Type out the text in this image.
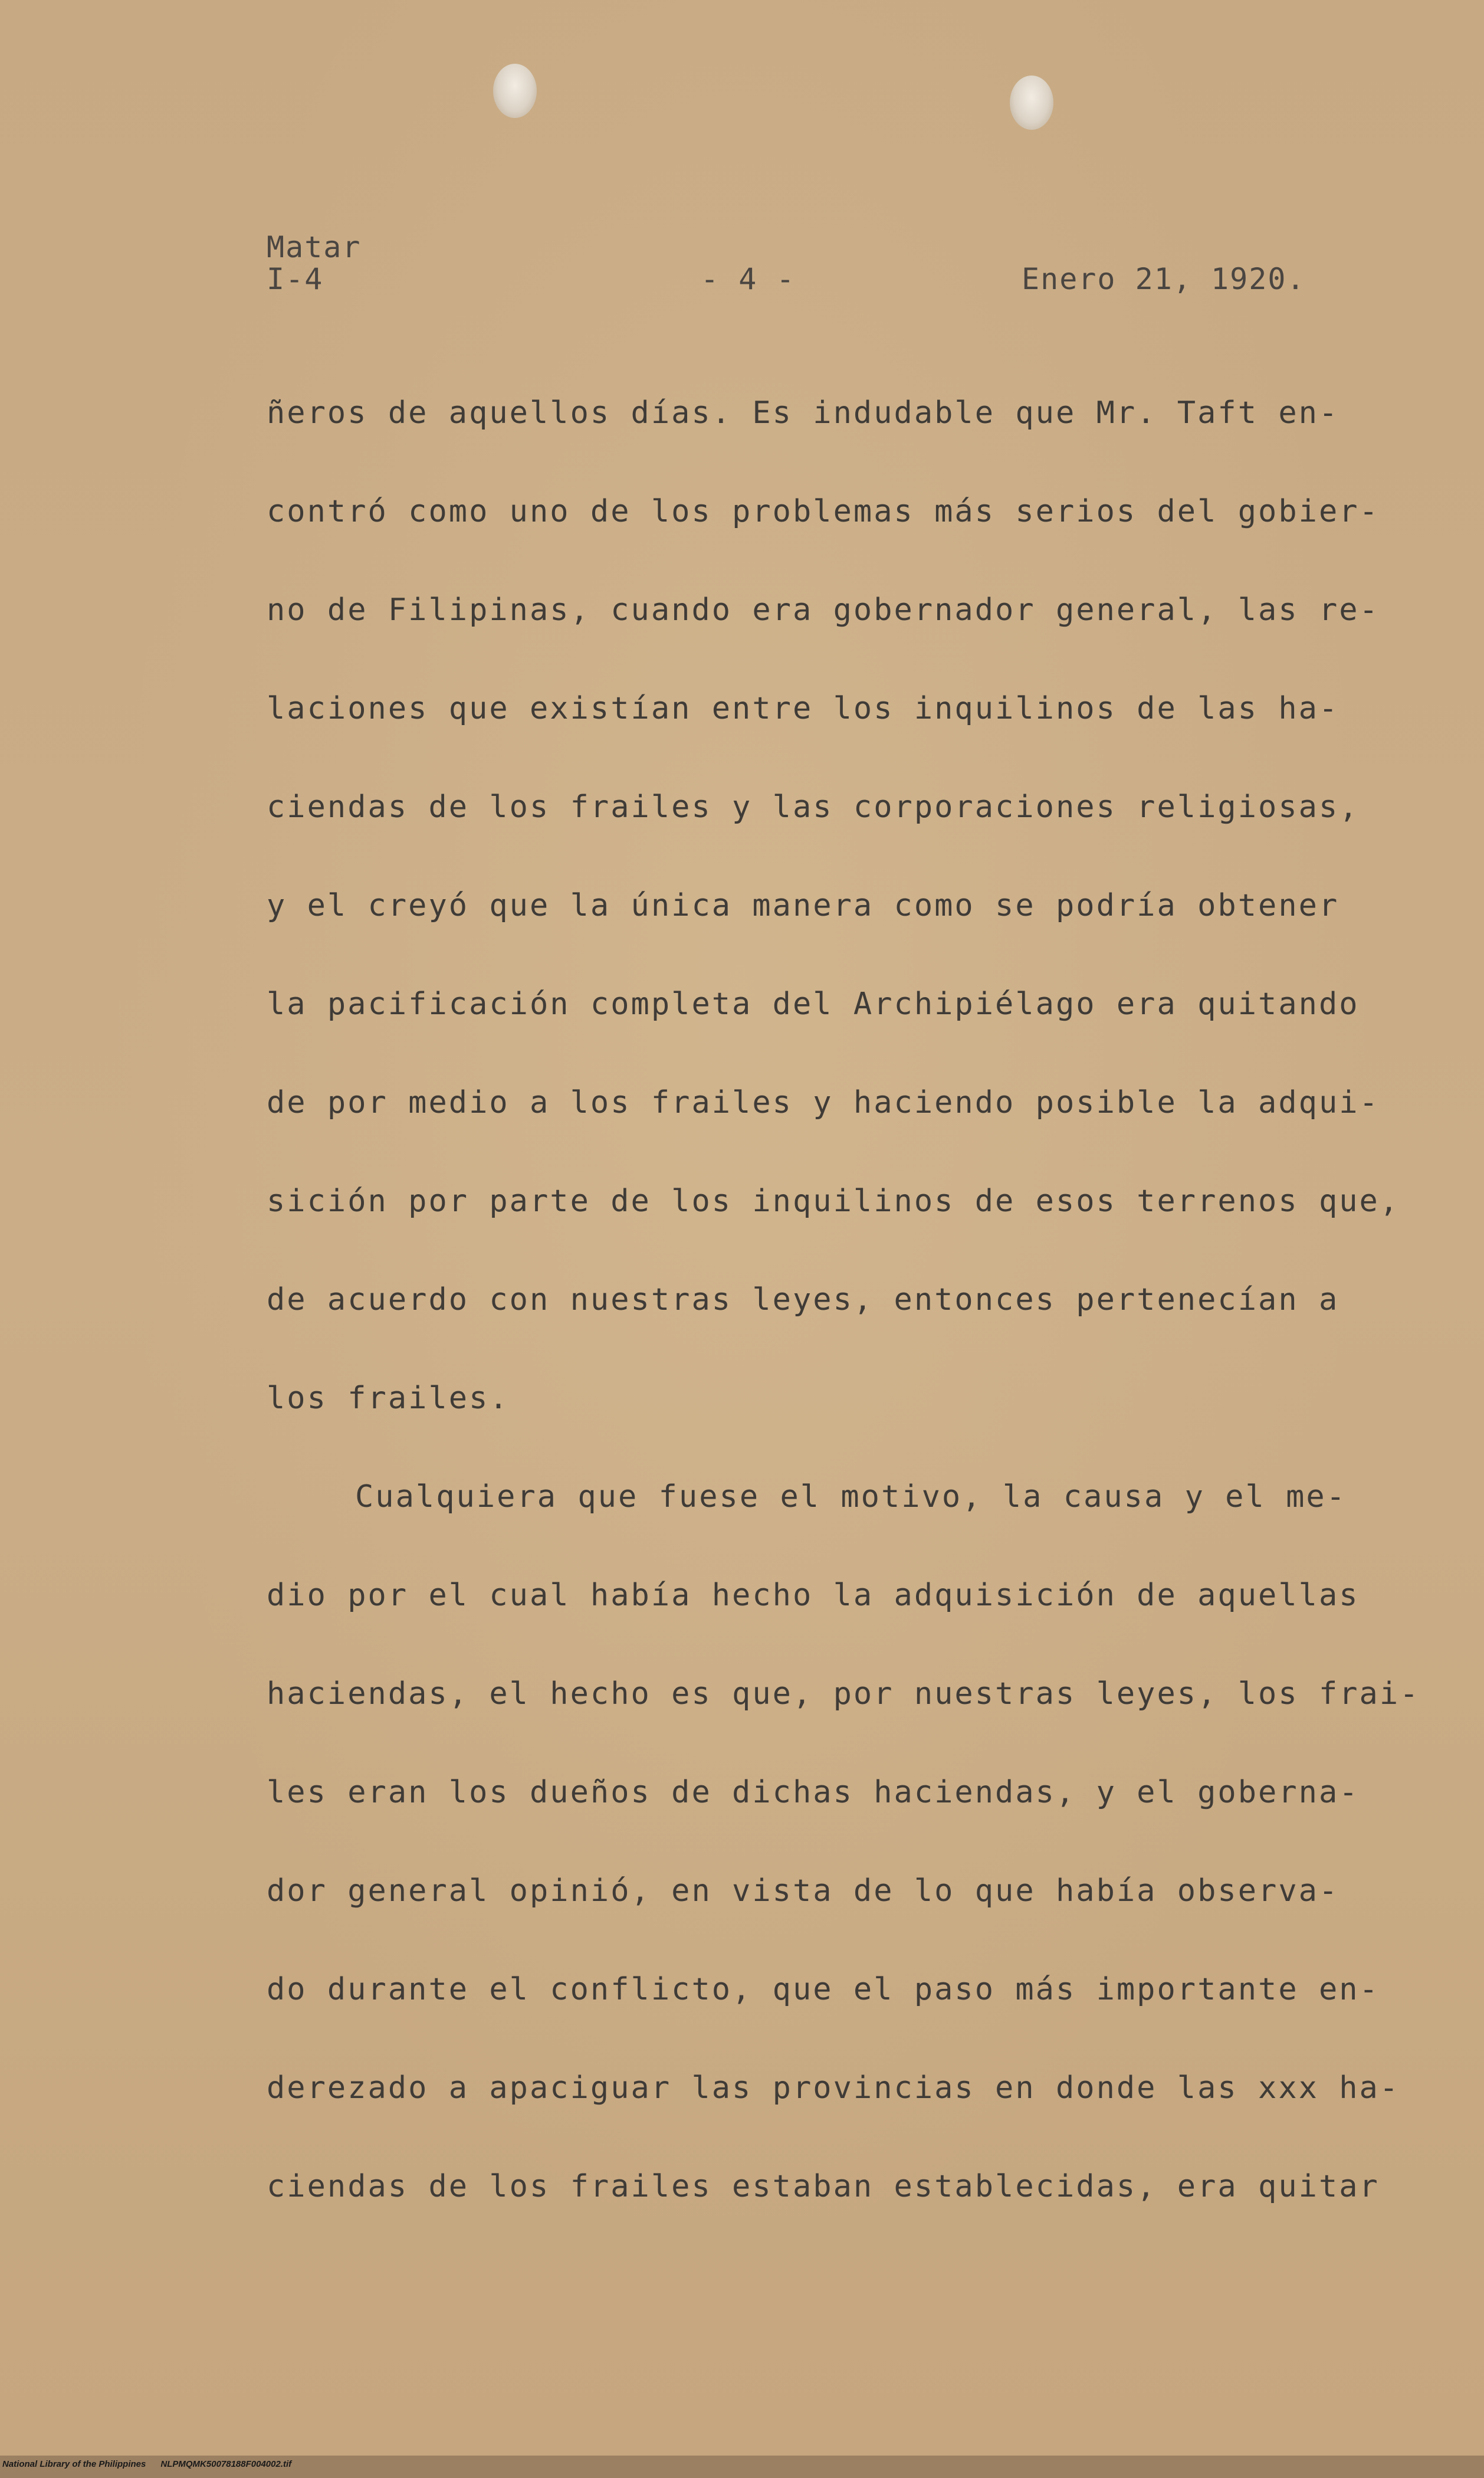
Matar
I-4	- 4 -	Enero 21, 1920.
ñeros de aquellos días. Es indudable que Mr. Taft en-
contró como uno de los problemas más serios del gobier-
no de Filipinas, cuando era gobernador general, las re-
laciones que existían entre los inquilinos de las ha-
ciendas de los frailes y las corporaciones religiosas,
y el creyó que la única manera como se podría obtener
la pacificación completa del Archipiélago era quitando
de por medio a los frailes y haciendo posible la adqui-
sición por parte de los inquilinos de esos terrenos que,
de acuerdo con nuestras leyes, entonces pertenecían a
los frailes.
Cualquiera que fuese el motivo, la causa y el me-
dio por el cual había hecho la adquisición de aquellas
haciendas, el hecho es que, por nuestras leyes, los frai-
les eran los dueños de dichas haciendas, y el goberna-
dor general opinió, en vista de lo que había observa-
do durante el conflicto, que el paso más importante en-
derezado a apaciguar las provincias en donde las xxx ha-
ciendas de los frailes estaban establecidas, era quitar
National Library of the Philippines NLPMQMK50078188F004002.tif
